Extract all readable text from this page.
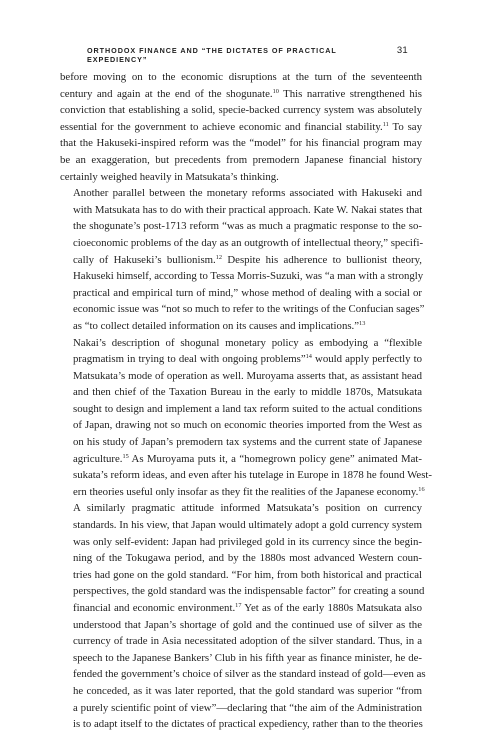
ORTHODOX FINANCE AND “THE DICTATES OF PRACTICAL EXPEDIENCY”
31

before moving on to the economic disruptions at the turn of the seventeenth
century and again at the end of the shogunate.$^{10}$ This narrative strengthened his
conviction that establishing a solid, specie-backed currency system was absolutely
essential for the government to achieve economic and financial stability.$^{11}$ To say
that the Hakuseki-inspired reform was the “model” for his financial program may
be an exaggeration, but precedents from premodern Japanese financial history
certainly weighed heavily in Matsukata’s thinking.

Another parallel between the monetary reforms associated with Hakuseki and
with Matsukata has to do with their practical approach. Kate W. Nakai states that
the shogunate’s post-1713 reform “was as much a pragmatic response to the so-
cioeconomic problems of the day as an outgrowth of intellectual theory,” specifi-
cally of Hakuseki’s bullionism.$^{12}$ Despite his adherence to bullionist theory,
Hakuseki himself, according to Tessa Morris-Suzuki, was “a man with a strongly
practical and empirical turn of mind,” whose method of dealing with a social or
economic issue was “not so much to refer to the writings of the Confucian sages”
as “to collect detailed information on its causes and implications.”$^{13}$

Nakai’s description of shogunal monetary policy as embodying a “flexible
pragmatism in trying to deal with ongoing problems”$^{14}$ would apply perfectly to
Matsukata’s mode of operation as well. Muroyama asserts that, as assistant head
and then chief of the Taxation Bureau in the early to middle 1870s, Matsukata
sought to design and implement a land tax reform suited to the actual conditions
of Japan, drawing not so much on economic theories imported from the West as
on his study of Japan’s premodern tax systems and the current state of Japanese
agriculture.$^{15}$ As Muroyama puts it, a “homegrown policy gene” animated Mat-
sukata’s reform ideas, and even after his tutelage in Europe in 1878 he found West-
ern theories useful only insofar as they fit the realities of the Japanese economy.$^{16}$

A similarly pragmatic attitude informed Matsukata’s position on currency
standards. In his view, that Japan would ultimately adopt a gold currency system
was only self-evident: Japan had privileged gold in its currency since the begin-
ning of the Tokugawa period, and by the 1880s most advanced Western coun-
tries had gone on the gold standard. “For him, from both historical and practical
perspectives, the gold standard was the indispensable factor” for creating a sound
financial and economic environment.$^{17}$ Yet as of the early 1880s Matsukata also
understood that Japan’s shortage of gold and the continued use of silver as the
currency of trade in Asia necessitated adoption of the silver standard. Thus, in a
speech to the Japanese Bankers’ Club in his fifth year as finance minister, he de-
fended the government’s choice of silver as the standard instead of gold—even as
he conceded, as it was later reported, that the gold standard was superior “from
a purely scientific point of view”—declaring that “the aim of the Administration
is to adapt itself to the dictates of practical expediency, rather than to the theories
